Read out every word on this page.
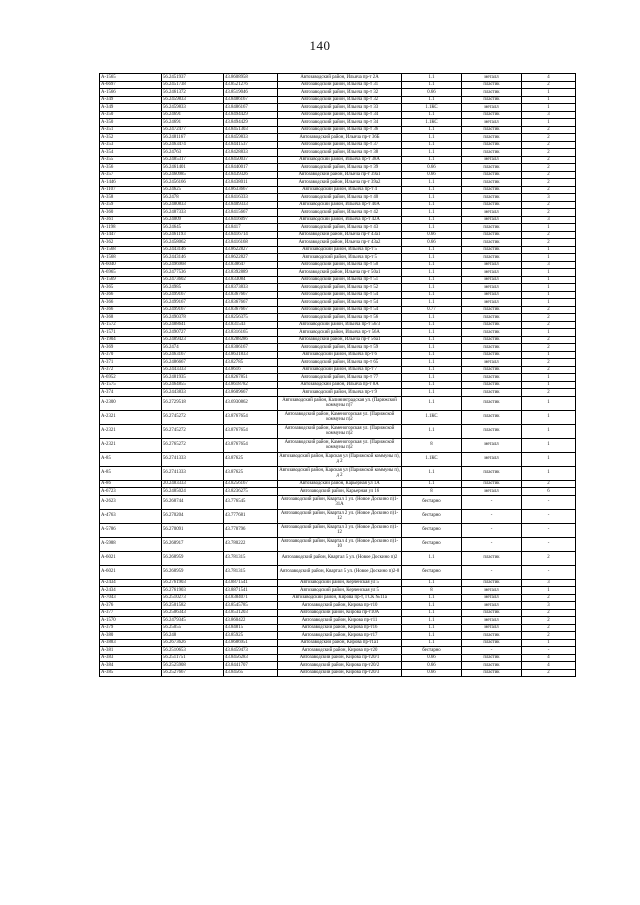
140
А-1565	56.2451937	43.8608958	Автозаводский район, Ильича пр-т 2А	1.1	металл	4
А-6697	56.2451738	43.8521276	Автозаводский район, Ильича пр-т 31	1.1	пластик	2
А-1566	56.2461372	43.8519046	Автозаводский район, Ильича пр-т 32	0.66	пластик	1
А-349	56.2459833	43.8486167	Автозаводский район, Ильича пр-т 32	1.1	пластик	1
А-349	56.2459833	43.8486167	Автозаводский район, Ильича пр-т 33	1.1КС	металл	1
А-350	56.24691	43.8494429	Автозаводский район, Ильича пр-т 34	1.1	пластик	3
А-350	56.24691	43.8494429	Автозаводский район, Ильича пр-т 34	1.1КС	металл	1
А-351	56.2472477	43.8451303	Автозаводский район, Ильича пр-т 36	1.1	пластик	2
А-352	56.2481167	43.8459833	Автозаводский район, Ильича пр-т 36Б	1.1	пластик	2
А-353	56.2463474	43.8441537	Автозаводский район, Ильича пр-т 37	1.1	пластик	2
А-354	56.24763	43.8428833	Автозаводский район, Ильича пр-т 38	1.1	пластик	2
А-355	56.2485317	43.8450037	Автозаводский район, Ильича пр-т 38А	1.1	металл	2
А-356	56.2461401	43.8440017	Автозаводский район, Ильича пр-т 39	0.66	пластик	2
А-357	56.2460985	43.8439326	Автозаводский район, Ильича пр-т 39а1	0.66	пластик	2
А-1446	56.2456166	43.8438011	Автозаводский район, Ильича пр-т 39а2	1.1	пластик	2
А-1107	56.24625	43.8633667	Автозаводский район, Ильича пр-т 4	1.1	пластик	2
А-358	56.2478	43.8416333	Автозаводский район, Ильича пр-т 40	1.1	пластик	3
А-359	56.2480833	43.8409333	Автозаводский район, Ильича пр-т 40А	1.1	пластик	2
А-360	56.2487333	43.8415667	Автозаводский район, Ильича пр-т 42	1.1	металл	2
А-361	56.24009	43.8416097	Автозаводский район, Ильича пр-т 42А	1.1	металл	3
А-1198	56.24645	43.8417	Автозаводский район, Ильича пр-т 43	1.1	пластик	1
А-1447	56.2461193	43.8416714	Автозаводский район, Ильича пр-т 43а1	0.66	пластик	2
А-362	56.2458062	43.8416168	Автозаводский район, Ильича пр-т 43а2	0.66	пластик	2
А-1568	56.2443146	43.8622827	Автозаводский район, Ильича пр-т 5	1.1	пластик	1
А-1568	56.2443146	43.8622827	Автозаводский район, Ильича пр-т 5	1.1	пластик	1
А-6040	56.2496968	43.838647	Автозаводский район, Ильича пр-т 50	1.1	металл	3
А-6965	56.2477536	43.8392889	Автозаводский район, Ильича пр-т 50а1	1.1	металл	1
А-1569	56.2473602	43.833084	Автозаводский район, Ильича пр-т 51	1.1	металл	1
А-365	56.24985	43.8373833	Автозаводский район, Ильича пр-т 52	1.1	металл	1
А-366	56.2499167	43.8367667	Автозаводский район, Ильича пр-т 54	1.1	металл	1
А-366	56.2499167	43.8367667	Автозаводский район, Ильича пр-т 54	1.1	металл	1
А-366	56.2499167	43.8367667	Автозаводский район, Ильича пр-т 54	0.77	пластик	2
А-368	56.2490378	43.8256375	Автозаводский район, Ильича пр-т 56	1.1	пластик	2
А-1572	56.2488641	43.831543	Автозаводский район, Ильича пр-т 56/3	1.1	пластик	2
А-1571	56.2490727	43.8316165	Автозаводский район, Ильича пр-т 56А	1.1	пластик	1
А-1904	56.2489423	43.8288286	Автозаводский район, Ильича пр-т 56а1	1.1	пластик	2
А-369	56.2474	43.8306167	Автозаводский район, Ильича пр-т 59	1.1	пластик	2
А-370	56.2463167	43.8631833	Автозаводский район, Ильича пр-т 6	1.1	пластик	1
А-371	56.2486667	43.82785	Автозаводский район, Ильича пр-т 65	1.1	металл	2
А-372	56.2443333	43.8616	Автозаводский район, Ильича пр-т 7	1.1	пластик	2
А-6952	56.2481935	43.8267851	Автозаводский район, Ильича пр-т 77	1.1	пластик	1
А-1575	56.2464855	43.8618782	Автозаводский район, Ильича пр-т 8А	1.1	пластик	1
А-374	56.2443833	43.8609667	Автозаводский район, Ильича пр-т 9	1.1	пластик	2
А-2300	56.2729518	43.6930862	Автозаводский район, Калининградская ул. (Парижской коммуны п)7	1.1	пластик	1
А-2321	56.2745272	43.8767654	Автозаводский район, Каменогорская ул. (Парижской коммуны п)2	1.1КС	пластик	1
А-2321	56.2745272	43.8767654	Автозаводский район, Каменогорская ул. (Парижской коммуны п)2	1.1	пластик	1
А-2321	56.2765272	43.8767654	Автозаводский район, Каменогорская ул. (Парижской коммуны п)2	8	металл	1
А-85	56.2741333	43.87625	Автозаводский район, Карская ул (Парижской коммуны п), д 2	1.1КС	металл	1
А-85	56.2741333	43.87625	Автозаводский район, Карская ул (Парижской коммуны п), д 2	1.1	пластик	1
А-86	20.2483333	43.8256167	Автозаводский район, Карьерная ул 1А	1.1	пластик	2
А-6723	56.2485024	43.8236275	Автозаводский район, Карьерная ул 16	8	металл	6
А-2623	56.268744	43.776545	Автозаводский район, Квартал 1 ул. (Новое Доскино п)1-31А	бестарно	-	-
А-4763	56.270204	43.777681	Автозаводский район, Квартал 2 ул. (Новое Доскино п)1-12	бестарно	-	-
А-5786	56.270091	43.778796	Автозаводский район, Квартал 3 ул. (Новое Доскино п)1-12	бестарно	-	-
А-5988	56.268917	43.780222	Автозаводский район, Квартал 4 ул. (Новое Доскино п)1-10	бестарно	-	-
А-6021	56.268959	43.781315	Автозаводский район, Квартал 5 ул. (Новое Доскино п)2	1.1	пластик	2
А-6021	56.268959	43.781315	Автозаводский район, Квартал 5 ул. (Новое Доскино п)2-8	бестарно	-	-
А-2434	56.2761903	43.8871541	Автозаводский район, Керченская ул 5	1.1	пластик	3
А-2434	56.2761903	43.8871541	Автозаводский район, Керченская ул 5	8	металл	1
А-7043	56.2510273	43.8384071	Автозаводский район, Кирова пр-т, ГСК №11а	1.1	металл	2
А-376	56.2501582	43.8545785	Автозаводский район, Кирова пр-т10	1.1	металл	3
А-377	56.2506343	43.8531203	Автозаводский район, Кирова пр-т10А	1.1	пластик	2
А-1570	56.2479345	43.860422	Автозаводский район, Кирова пр-т11	1.1	металл	2
А-379	56.25055	43.84815	Автозаводский район, Кирова пр-т16	1.1	металл	2
А-380	56.248	43.85925	Автозаводский район, Кирова пр-т17	1.1	пластик	2
А-3883	56.2673626	43.8686951	Автозаводский район, Кирова пр-т1а1	1.1	пластик	1
А-381	56.2510653	43.8459473	Автозаводский район, Кирова пр-т20	бестарно	-	-
А-383	56.2511751	43.8456283	Автозаводский район, Кирова пр-т20/1	0.66	пластик	4
А-384	56.2525908	43.8441707	Автозаводский район, Кирова пр-т20/2	0.66	пластик	4
А-385	56.2527667	43.84565	Автозаводский район, Кирова пр-т20/3	0.66	пластик	2
